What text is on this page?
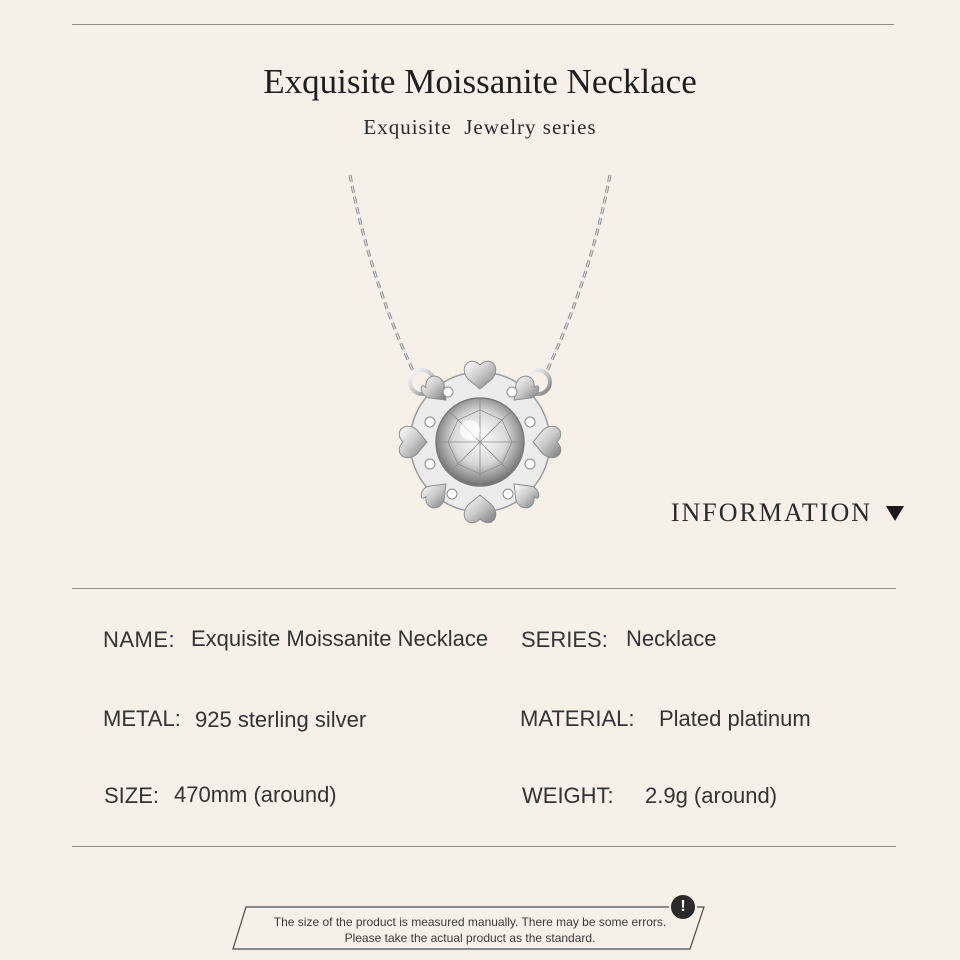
Exquisite Moissanite Necklace
Exquisite  Jewelry series
INFORMATION
NAME: Exquisite Moissanite Necklace SERIES: Necklace
METAL: 925 sterling silver	MATERIAL: Plated platinum
SIZE: 470mm (around)	WEIGHT: 2.9g (around)
!
The size of the product is measured manually. There may be some errors.
Please take the actual product as the standard.
